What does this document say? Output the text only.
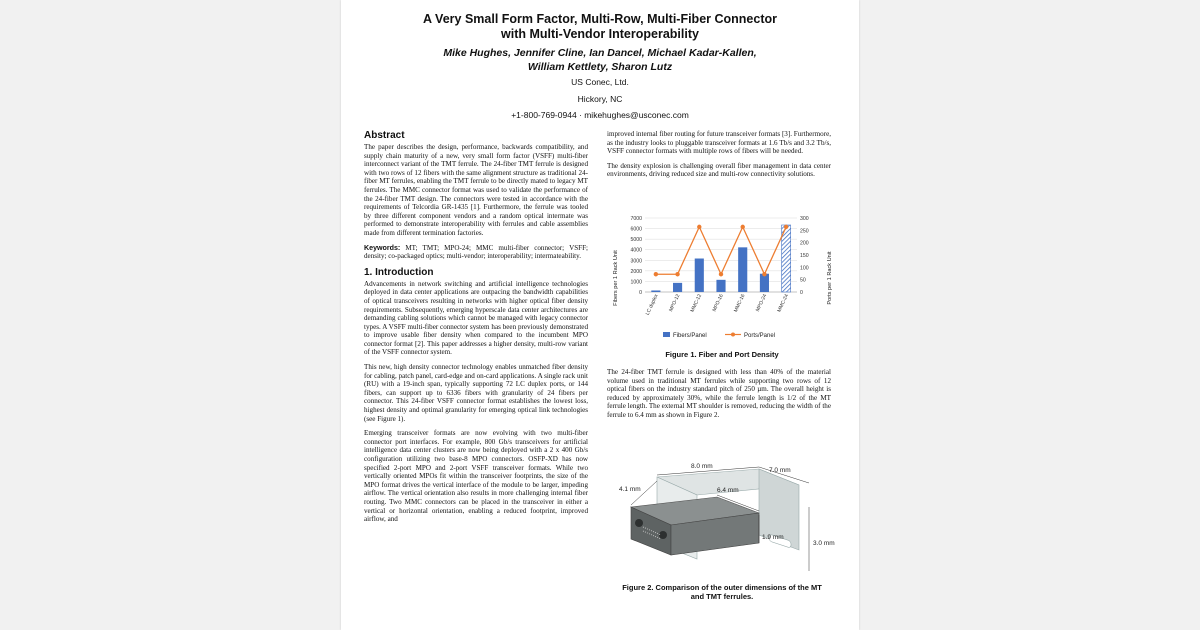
A Very Small Form Factor, Multi-Row, Multi-Fiber Connector
with Multi-Vendor Interoperability
Mike Hughes, Jennifer Cline, Ian Dancel, Michael Kadar-Kallen,
William Kettlety, Sharon Lutz
US Conec, Ltd.
Hickory, NC
+1-800-769-0944 · mikehughes@usconec.com
Abstract

The paper describes the design, performance, backwards compatibility, and supply chain maturity of a new, very small form factor (VSFF) multi-fiber interconnect variant of the TMT ferrule. The 24-fiber TMT ferrule is designed with two rows of 12 fibers with the same alignment structure as traditional 24-fiber MT ferrules, enabling the TMT ferrule to be directly mated to legacy MT ferrules. The MMC connector format was used to validate the performance of the 24-fiber TMT design. The connectors were tested in accordance with the requirements of Telcordia GR-1435 [1]. Furthermore, the ferrule was tooled by three different component vendors and a random optical intermate was performed to demonstrate interoperability with ferrules and cable assemblies made from different termination factories.

Keywords: MT; TMT; MPO-24; MMC multi-fiber connector; VSFF; density; co-packaged optics; multi-vendor; interoperability; intermateability.

1. Introduction

Advancements in network switching and artificial intelligence technologies deployed in data center applications are outpacing the bandwidth capabilities of optical transceivers resulting in networks with higher optical fiber density requirements. Subsequently, emerging hyperscale data center architectures are demanding cabling solutions which cannot be managed with legacy connector types. A VSFF multi-fiber connector system has been previously demonstrated to improve usable fiber density when compared to the incumbent MPO connector format [2]. This paper addresses a higher density, multi-row variant of the VSFF connector system.

This new, high density connector technology enables unmatched fiber density for cabling, patch panel, card-edge and on-card applications. A single rack unit (RU) with a 19-inch span, typically supporting 72 LC duplex ports, or 144 fibers, can support up to 6336 fibers with granularity of 24 fibers per connector. This 24-fiber VSFF connector format establishes the lowest loss, highest density and optimal granularity for emerging optical link technologies (see Figure 1).

Emerging transceiver formats are now evolving with two multi-fiber connector port interfaces. For example, 800 Gb/s transceivers for artificial intelligence data center clusters are now being deployed with a 2 x 400 Gb/s configuration utilizing two base-8 MPO connectors. OSFP-XD has now specified 2-port MPO and 2-port VSFF transceiver formats. While two vertically oriented MPOs fit within the transceiver footprints, the size of the MPO format drives the vertical interface of the module to be larger, impeding airflow. The vertical orientation also results in more challenging internal fiber routing. Two MMC connectors can be placed in the transceiver in either a vertical or horizontal orientation, enabling a reduced footprint, improved airflow, and

improved internal fiber routing for future transceiver formats [3]. Furthermore, as the industry looks to pluggable transceiver formats at 1.6 Tb/s and 3.2 Tb/s, VSFF connector formats with multiple rows of fibers will be needed.

The density explosion is challenging overall fiber management in data center environments, driving reduced size and multi-row connectivity solutions.

0
1000
2000
3000
4000
5000
6000
7000
0
50
100
150
200
250
300
LC duplex MPO-12 MMC-12 MPO-16 MMC-16 MPO-24 MMC-24
Fibers per 1 Rack Unit	Ports per 1 Rack Unit
Fibers/Panel	Ports/Panel
Figure 1. Fiber and Port Density

The 24-fiber TMT ferrule is designed with less than 40% of the material volume used in traditional MT ferrules while supporting two rows of 12 optical fibers on the industry standard pitch of 250 µm. The overall height is reduced by approximately 30%, while the ferrule length is 1/2 of the MT ferrule length. The external MT shoulder is removed, reducing the width of the ferrule to 6.4 mm as shown in Figure 2.

8.0 mm
7.0 mm
4.1 mm	6.4 mm
1.9 mm
3.0 mm
Figure 2. Comparison of the outer dimensions of the MT
and TMT ferrules.
